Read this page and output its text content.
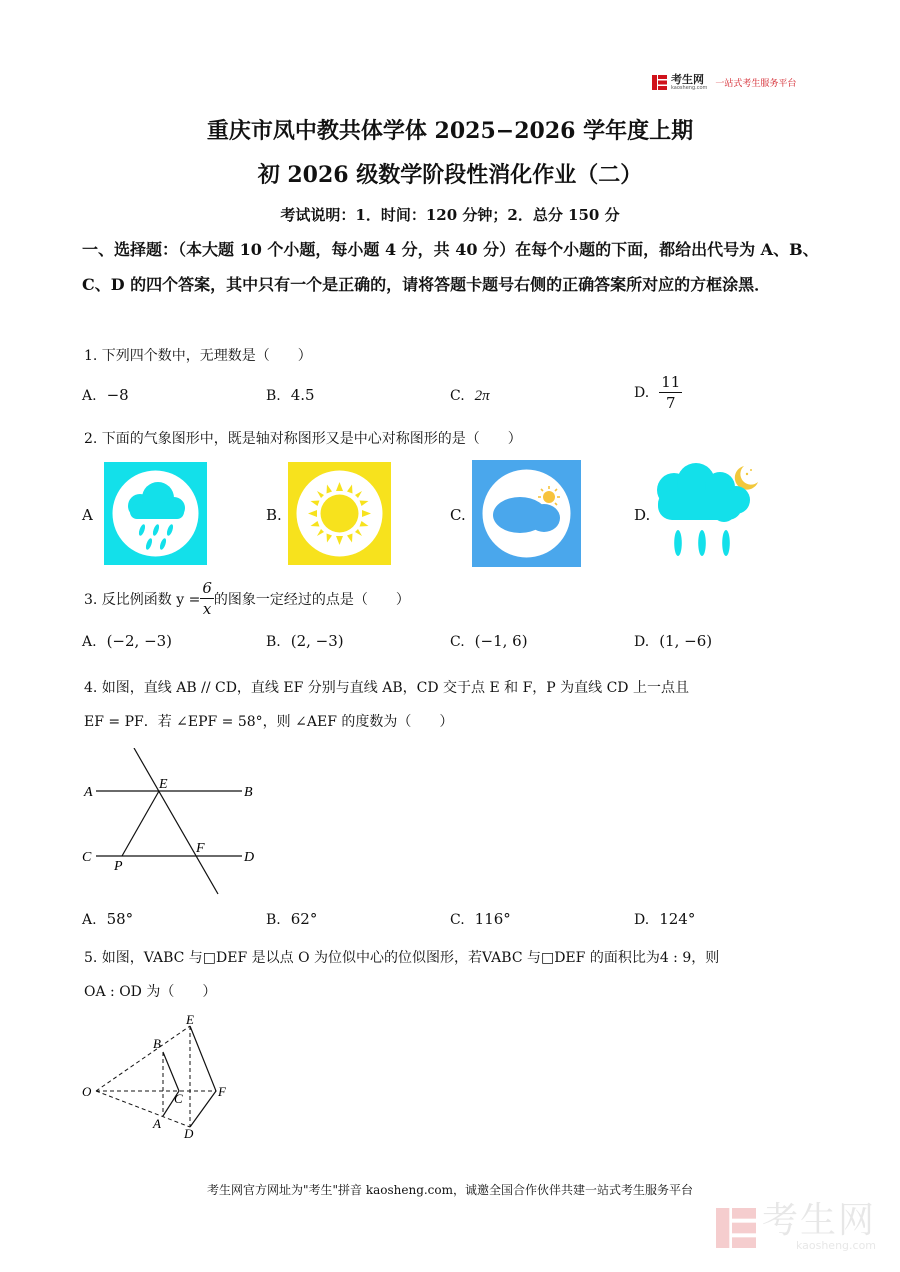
考生网
kaosheng.com 一站式考生服务平台
重庆市凤中教共体学体 2025−2026 学年度上期
初 2026 级数学阶段性消化作业（二）
考试说明：1．时间：120 分钟；2．总分 150 分
一、选择题：（本大题 10 个小题，每小题 4 分，共 40 分）在每个小题的下面，都给出代号为 A、B、C、D 的四个答案，其中只有一个是正确的，请将答题卡题号右侧的正确答案所对应的方框涂黑．
1. 下列四个数中，无理数是（　　）
A. −8	B. 4.5	C. 2π	D. $\frac{11}{7}$
2. 下面的气象图形中，既是轴对称图形又是中心对称图形的是（　　）
A	B.	C.	D.
3. 反比例函数 $y = \frac{6}{x}$ 的图象一定经过的点是（　　）
A. (−2, −3)	B. (2, −3)	C. (−1, 6)	D. (1, −6)
4. 如图，直线 AB // CD，直线 EF 分别与直线 AB，CD 交于点 E 和 F，P 为直线 CD 上一点且
EF = PF．若 ∠EPF = 58°，则 ∠AEF 的度数为（　　）
A	B
C	D
E
F
P
A. 58°	B. 62°	C. 116°	D. 124°
5. 如图，VABC 与□DEF 是以点 O 为位似中心的位似图形，若VABC 与□DEF 的面积比为4 : 9，则
OA : OD 为（　　）
O
B
C
A
E
F
D
考生网官方网址为"考生"拼音 kaosheng.com，诚邀全国合作伙伴共建一站式考生服务平台
考生网
kaosheng.com
